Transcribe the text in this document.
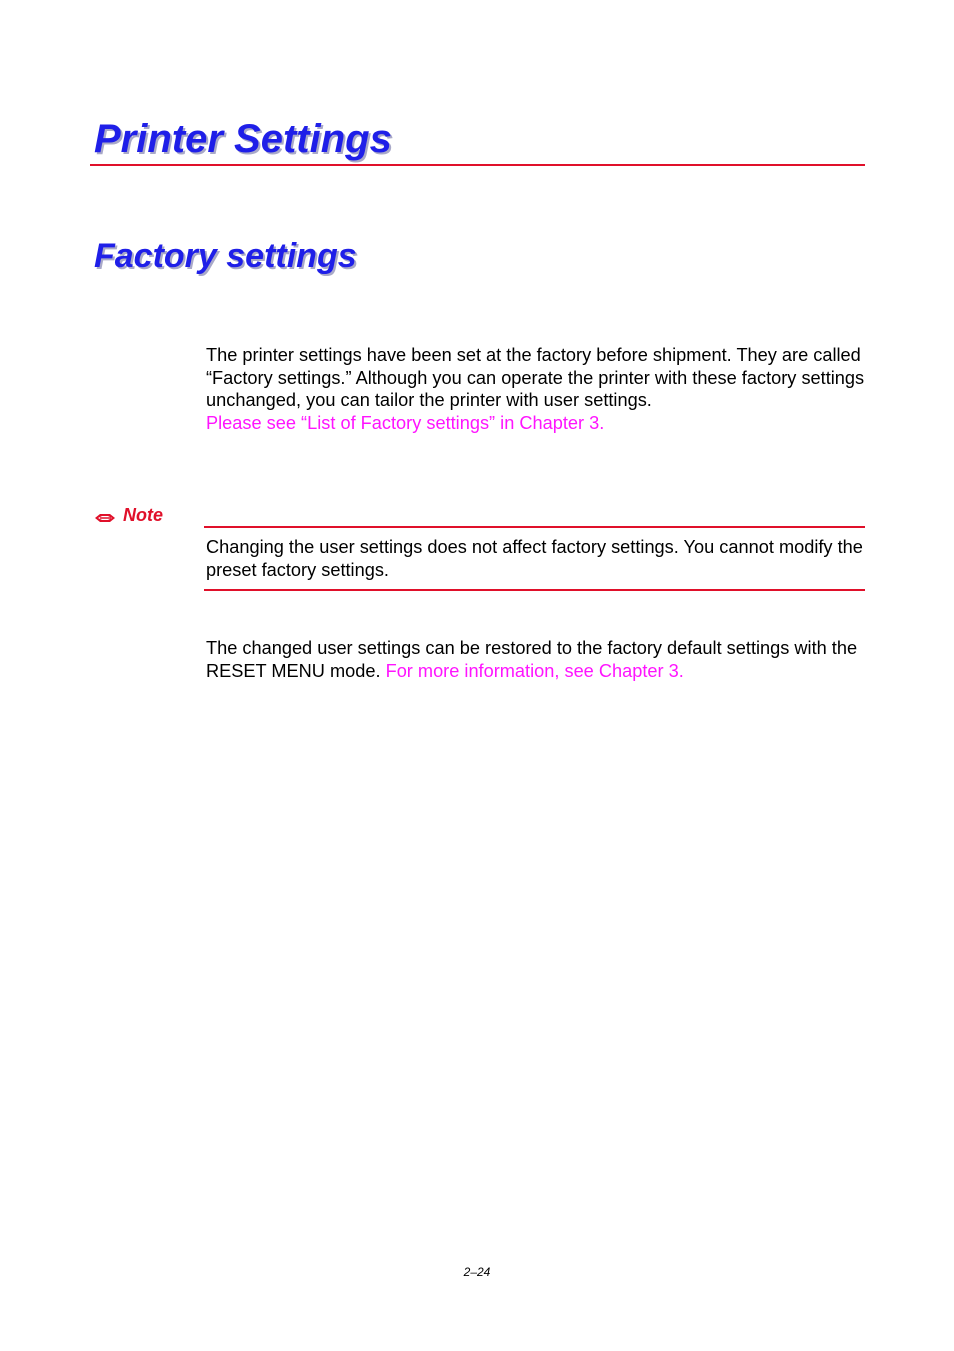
Printer Settings
Factory settings

The printer settings have been set at the factory before shipment. They are called “Factory settings.” Although you can operate the printer with these factory settings unchanged, you can tailor the printer with user settings.
Please see “List of Factory settings” in Chapter 3.

Note

Changing the user settings does not affect factory settings. You cannot modify the preset factory settings.

The changed user settings can be restored to the factory default settings with the RESET MENU mode. For more information, see Chapter 3.

2–24
